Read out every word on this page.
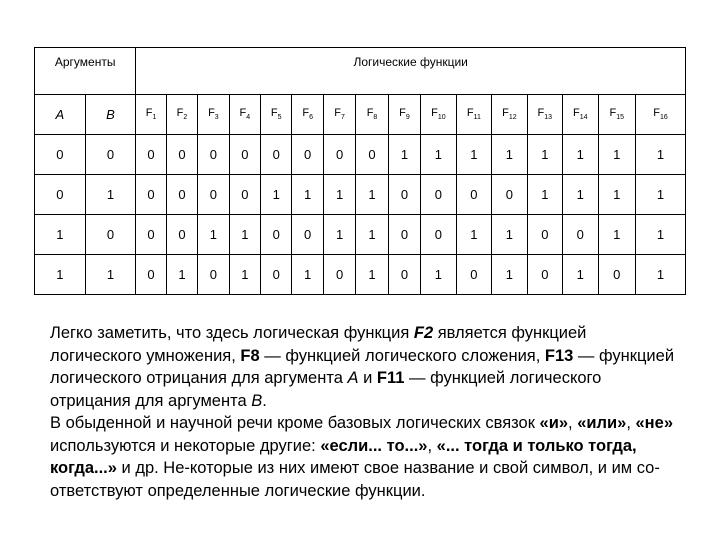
Аргументы		Логические функции															
A	B	$F_1$	$F_2$	$F_3$	$F_4$	$F_5$	$F_6$	$F_7$	$F_8$	$F_9$	$F_{10}$	$F_{11}$	$F_{12}$	$F_{13}$	$F_{14}$	$F_{15}$	$F_{16}$
0	0	0	0	0	0	0	0	0	0	1	1	1	1	1	1	1	1
0	1	0	0	0	0	1	1	1	1	0	0	0	0	1	1	1	1
1	0	0	0	1	1	0	0	1	1	0	0	1	1	0	0	1	1
1	1	0	1	0	1	0	1	0	1	0	1	0	1	0	1	0	1

Легко заметить, что здесь логическая функция F2 является функцией логического умножения, F8 — функцией логического сложения, F13 — функцией логического отрицания для аргумента А и F11 — функцией логического отрицания для аргумента В.

В обыденной и научной речи кроме базовых логических связок «и», «или», «не» используются и некоторые другие: «если... то...», «... тогда и только тогда, когда...» и др. Не-которые из них имеют свое название и свой символ, и им со-ответствуют определенные логические функции.
